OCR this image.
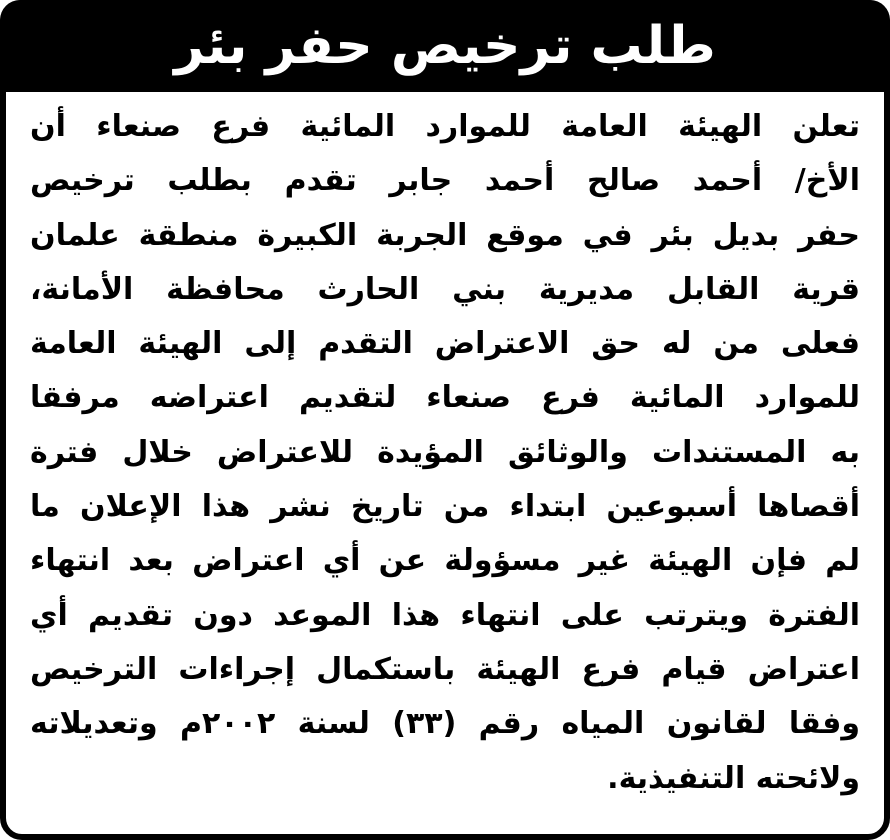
طلب ترخيص حفر بئر
تعلن الهيئة العامة للموارد المائية فرع صنعاء أن
الأخ/ أحمد صالح أحمد جابر تقدم بطلب ترخيص
حفر بديل بئر في موقع الجربة الكبيرة منطقة علمان
قرية القابل مديرية بني الحارث محافظة الأمانة،
فعلى من له حق الاعتراض التقدم إلى الهيئة العامة
للموارد المائية فرع صنعاء لتقديم اعتراضه مرفقا
به المستندات والوثائق المؤيدة للاعتراض خلال فترة
أقصاها أسبوعين ابتداء من تاريخ نشر هذا الإعلان ما
لم فإن الهيئة غير مسؤولة عن أي اعتراض بعد انتهاء
الفترة ويترتب على انتهاء هذا الموعد دون تقديم أي
اعتراض قيام فرع الهيئة باستكمال إجراءات الترخيص
وفقا لقانون المياه رقم (٣٣) لسنة ٢٠٠٢م وتعديلاته
ولائحته التنفيذية.
